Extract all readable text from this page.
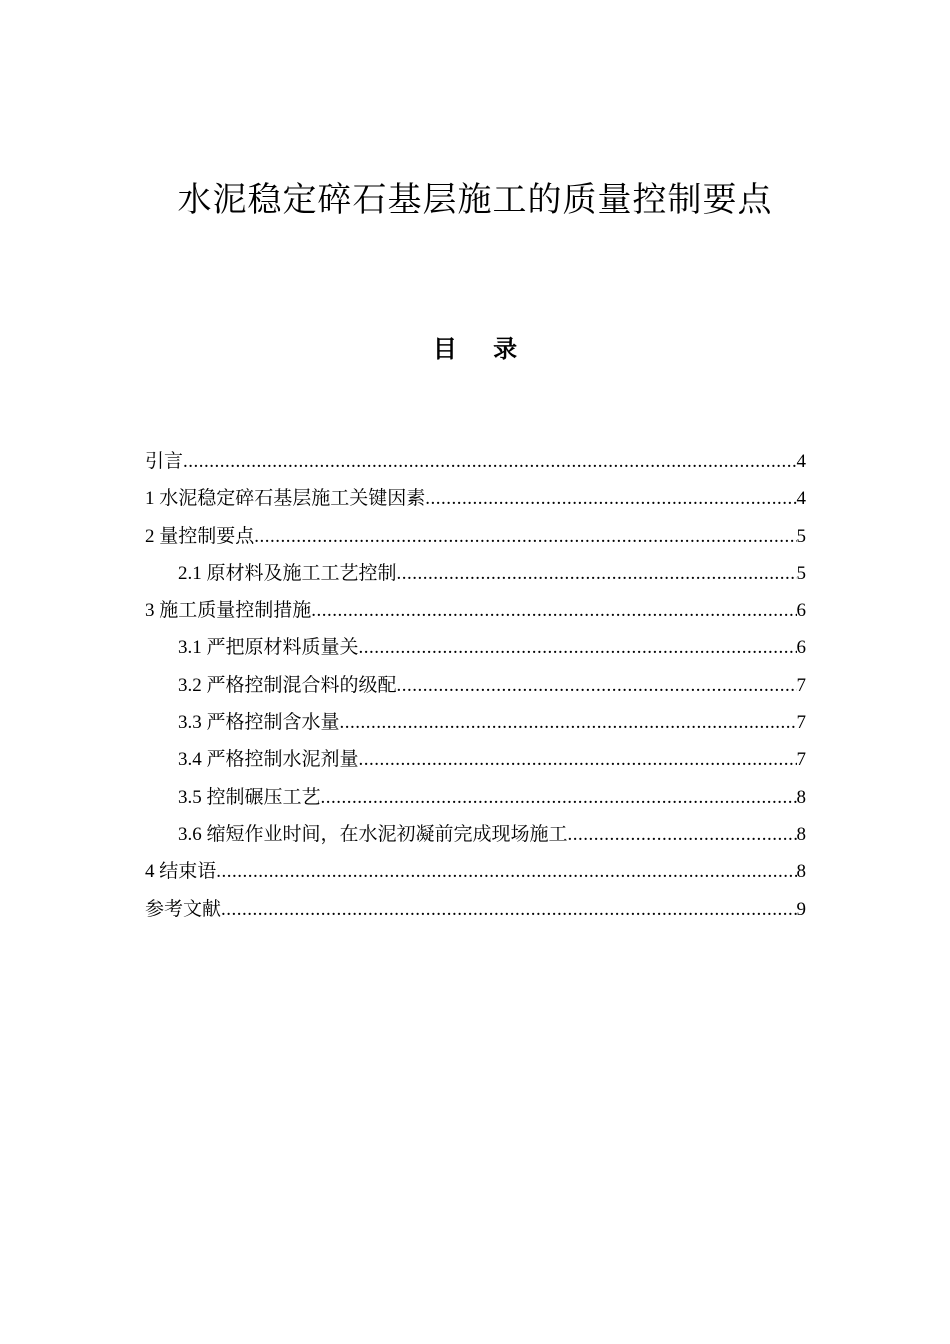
水泥稳定碎石基层施工的质量控制要点
目 录
引言 .....	4
1 水泥稳定碎石基层施工关键因素 .....	4
2 量控制要点 .....	5
2.1 原材料及施工工艺控制 .....	5
3 施工质量控制措施 .....	6
3.1 严把原材料质量关 .....	6
3.2 严格控制混合料的级配 .....	7
3.3 严格控制含水量 .....	7
3.4 严格控制水泥剂量 .....	7
3.5 控制碾压工艺 .....	8
3.6 缩短作业时间，在水泥初凝前完成现场施工 .....	8
4 结束语 .....	8
参考文献 .....	9
